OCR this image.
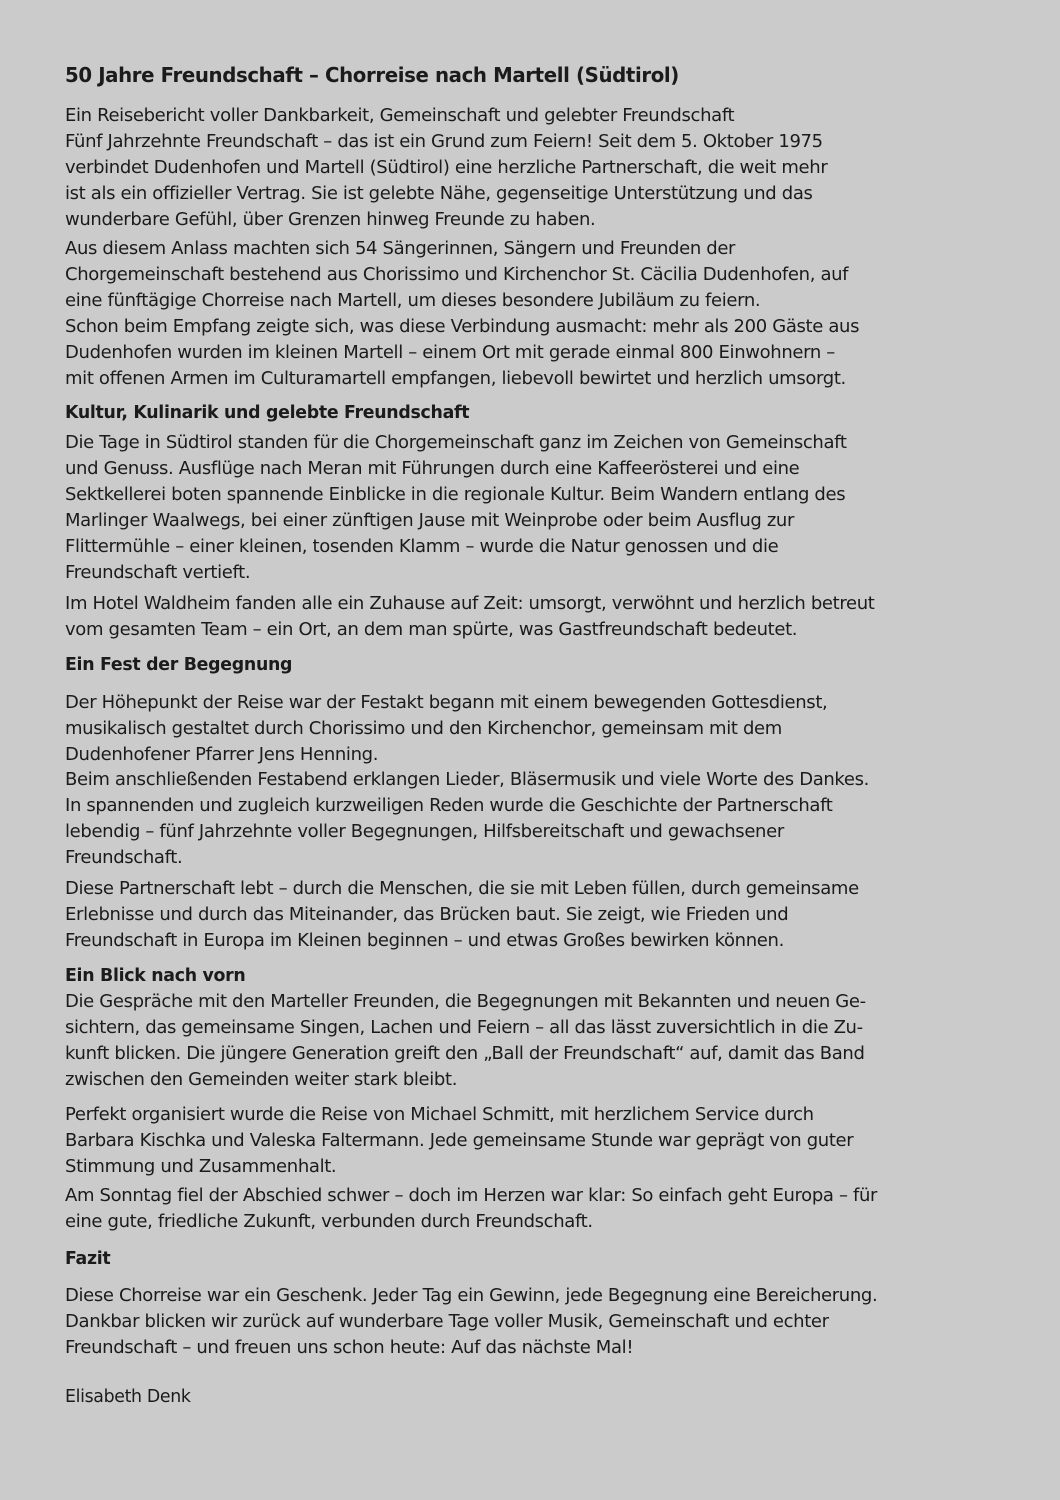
50 Jahre Freundschaft – Chorreise nach Martell (Südtirol)
Ein Reisebericht voller Dankbarkeit, Gemeinschaft und gelebter Freundschaft
Fünf Jahrzehnte Freundschaft – das ist ein Grund zum Feiern! Seit dem 5. Oktober 1975
verbindet Dudenhofen und Martell (Südtirol) eine herzliche Partnerschaft, die weit mehr
ist als ein offizieller Vertrag. Sie ist gelebte Nähe, gegenseitige Unterstützung und das
wunderbare Gefühl, über Grenzen hinweg Freunde zu haben.
Aus diesem Anlass machten sich 54 Sängerinnen, Sängern und Freunden der
Chorgemeinschaft bestehend aus Chorissimo und Kirchenchor St. Cäcilia Dudenhofen, auf
eine fünftägige Chorreise nach Martell, um dieses besondere Jubiläum zu feiern.
Schon beim Empfang zeigte sich, was diese Verbindung ausmacht: mehr als 200 Gäste aus
Dudenhofen wurden im kleinen Martell – einem Ort mit gerade einmal 800 Einwohnern –
mit offenen Armen im Culturamartell empfangen, liebevoll bewirtet und herzlich umsorgt.
Kultur, Kulinarik und gelebte Freundschaft
Die Tage in Südtirol standen für die Chorgemeinschaft ganz im Zeichen von Gemeinschaft
und Genuss. Ausflüge nach Meran mit Führungen durch eine Kaffeerösterei und eine
Sektkellerei boten spannende Einblicke in die regionale Kultur. Beim Wandern entlang des
Marlinger Waalwegs, bei einer zünftigen Jause mit Weinprobe oder beim Ausflug zur
Flittermühle – einer kleinen, tosenden Klamm – wurde die Natur genossen und die
Freundschaft vertieft.
Im Hotel Waldheim fanden alle ein Zuhause auf Zeit: umsorgt, verwöhnt und herzlich betreut
vom gesamten Team – ein Ort, an dem man spürte, was Gastfreundschaft bedeutet.
Ein Fest der Begegnung
Der Höhepunkt der Reise war der Festakt begann mit einem bewegenden Gottesdienst,
musikalisch gestaltet durch Chorissimo und den Kirchenchor, gemeinsam mit dem
Dudenhofener Pfarrer Jens Henning.
Beim anschließenden Festabend erklangen Lieder, Bläsermusik und viele Worte des Dankes.
In spannenden und zugleich kurzweiligen Reden wurde die Geschichte der Partnerschaft
lebendig – fünf Jahrzehnte voller Begegnungen, Hilfsbereitschaft und gewachsener
Freundschaft.
Diese Partnerschaft lebt – durch die Menschen, die sie mit Leben füllen, durch gemeinsame
Erlebnisse und durch das Miteinander, das Brücken baut. Sie zeigt, wie Frieden und
Freundschaft in Europa im Kleinen beginnen – und etwas Großes bewirken können.
Ein Blick nach vorn
Die Gespräche mit den Marteller Freunden, die Begegnungen mit Bekannten und neuen Ge-
sichtern, das gemeinsame Singen, Lachen und Feiern – all das lässt zuversichtlich in die Zu-
kunft blicken. Die jüngere Generation greift den „Ball der Freundschaft“ auf, damit das Band
zwischen den Gemeinden weiter stark bleibt.
Perfekt organisiert wurde die Reise von Michael Schmitt, mit herzlichem Service durch
Barbara Kischka und Valeska Faltermann. Jede gemeinsame Stunde war geprägt von guter
Stimmung und Zusammenhalt.
Am Sonntag fiel der Abschied schwer – doch im Herzen war klar: So einfach geht Europa – für
eine gute, friedliche Zukunft, verbunden durch Freundschaft.
Fazit
Diese Chorreise war ein Geschenk. Jeder Tag ein Gewinn, jede Begegnung eine Bereicherung.
Dankbar blicken wir zurück auf wunderbare Tage voller Musik, Gemeinschaft und echter
Freundschaft – und freuen uns schon heute: Auf das nächste Mal!
Elisabeth Denk
